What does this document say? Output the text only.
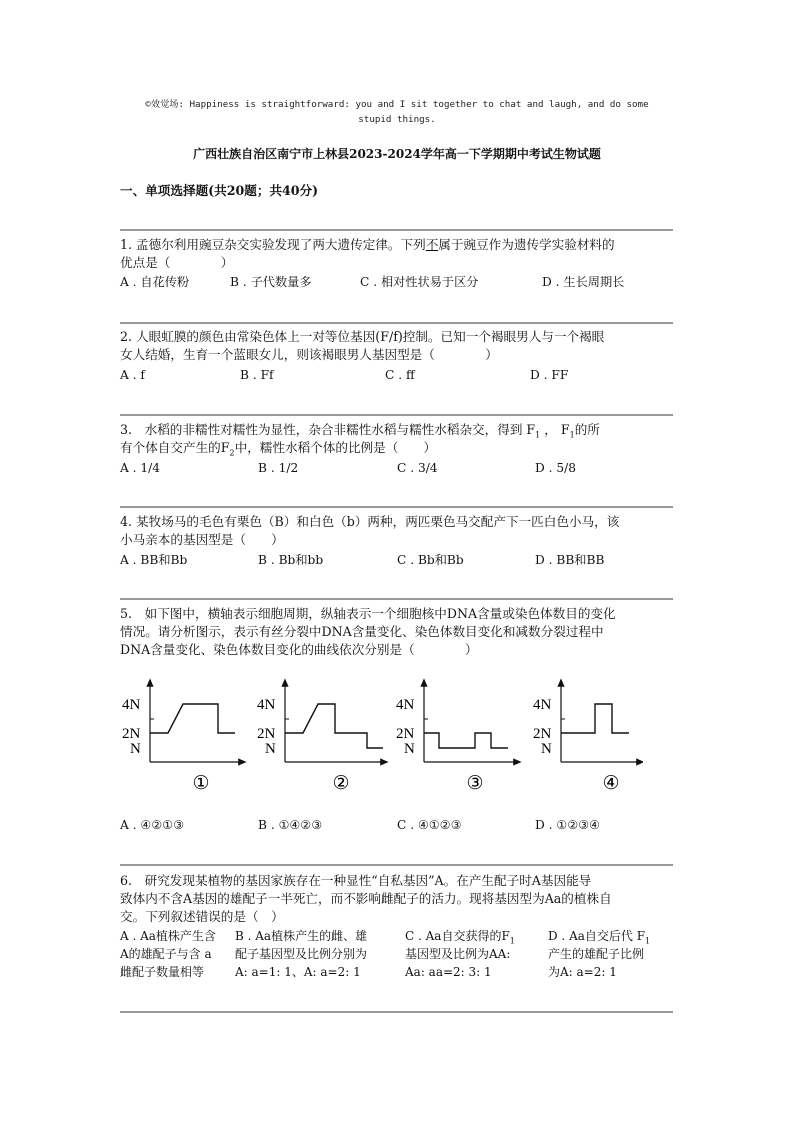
©效觉场: Happiness is straightforward: you and I sit together to chat and laugh, and do some
stupid things.
广西壮族自治区南宁市上林县2023-2024学年高一下学期期中考试生物试题
一、单项选择题(共20题；共40分)
1. 孟德尔利用豌豆杂交实验发现了两大遗传定律。下列不属于豌豆作为遗传学实验材料的
优点是（　　　　）
A . 自花传粉	B . 子代数量多	C . 相对性状易于区分	D . 生长周期长
2. 人眼虹膜的颜色由常染色体上一对等位基因(F/f)控制。已知一个褐眼男人与一个褐眼
女人结婚，生育一个蓝眼女儿，则该褐眼男人基因型是（　　　　）
A . f	B . Ff	C . ff	D . FF
3.　水稻的非糯性对糯性为显性，杂合非糯性水稻与糯性水稻杂交，得到 $F_1$ ， $F_1$的所
有个体自交产生的$F_2$中，糯性水稻个体的比例是（　　）
A . 1/4	B . 1/2	C . 3/4	D . 5/8
4. 某牧场马的毛色有栗色（B）和白色（b）两种，两匹栗色马交配产下一匹白色小马，该
小马亲本的基因型是（　　）
A . BB和Bb	B . Bb和bb	C . Bb和Bb	D . BB和BB
5.　如下图中，横轴表示细胞周期，纵轴表示一个细胞核中DNA含量或染色体数目的变化
情况。请分析图示，表示有丝分裂中DNA含量变化、染色体数目变化和减数分裂过程中
DNA含量变化、染色体数目变化的曲线依次分别是（　　　　）
4N
2N
N
①
4N
2N
N
②
4N
2N
N
③
4N
2N
N
④
A . ④②①③	B . ①④②③	C . ④①②③	D . ①②③④
6.　研究发现某植物的基因家族存在一种显性“自私基因”A。在产生配子时A基因能导
致体内不含A基因的雄配子一半死亡，而不影响雌配子的活力。现将基因型为Aa的植株自
交。下列叙述错误的是（　）
A . Aa植株产生含
A的雄配子与含 a
雌配子数量相等
B . Aa植株产生的雌、雄
配子基因型及比例分别为
A: a=1: 1、A: a=2: 1
C . Aa自交获得的$F_1$
基因型及比例为AA:
Aa: aa=2: 3: 1
D . Aa自交后代 $F_1$
产生的雄配子比例
为A: a=2: 1
